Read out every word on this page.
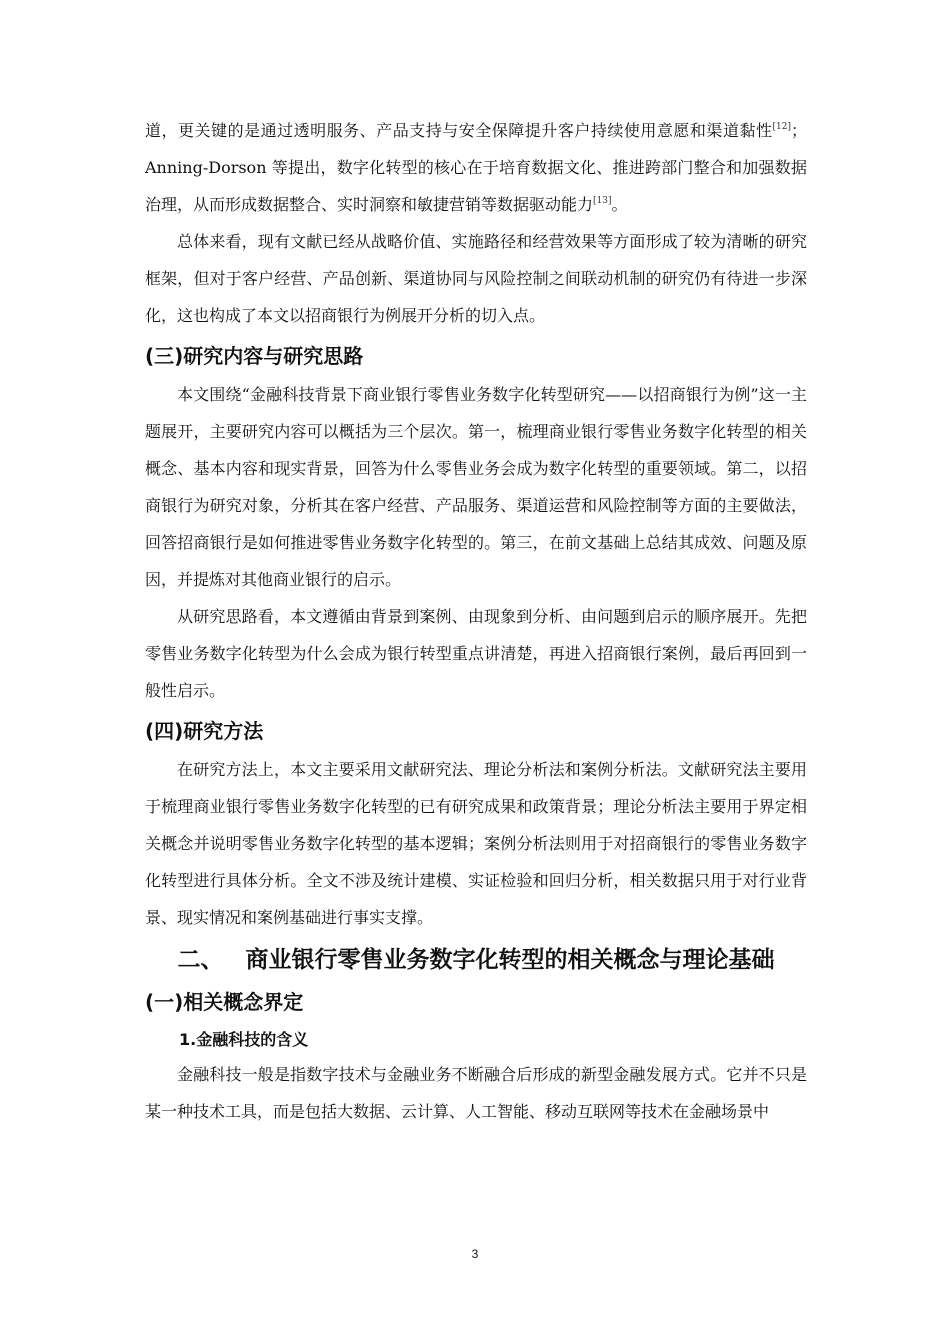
道，更关键的是通过透明服务、产品支持与安全保障提升客户持续使用意愿和渠道黏性[12]；Anning-Dorson 等提出，数字化转型的核心在于培育数据文化、推进跨部门整合和加强数据治理，从而形成数据整合、实时洞察和敏捷营销等数据驱动能力[13]。

总体来看，现有文献已经从战略价值、实施路径和经营效果等方面形成了较为清晰的研究框架，但对于客户经营、产品创新、渠道协同与风险控制之间联动机制的研究仍有待进一步深化，这也构成了本文以招商银行为例展开分析的切入点。

(三)研究内容与研究思路

本文围绕“金融科技背景下商业银行零售业务数字化转型研究——以招商银行为例”这一主题展开，主要研究内容可以概括为三个层次。第一，梳理商业银行零售业务数字化转型的相关概念、基本内容和现实背景，回答为什么零售业务会成为数字化转型的重要领域。第二，以招商银行为研究对象，分析其在客户经营、产品服务、渠道运营和风险控制等方面的主要做法，回答招商银行是如何推进零售业务数字化转型的。第三，在前文基础上总结其成效、问题及原因，并提炼对其他商业银行的启示。

从研究思路看，本文遵循由背景到案例、由现象到分析、由问题到启示的顺序展开。先把零售业务数字化转型为什么会成为银行转型重点讲清楚，再进入招商银行案例，最后再回到一般性启示。

(四)研究方法

在研究方法上，本文主要采用文献研究法、理论分析法和案例分析法。文献研究法主要用于梳理商业银行零售业务数字化转型的已有研究成果和政策背景；理论分析法主要用于界定相关概念并说明零售业务数字化转型的基本逻辑；案例分析法则用于对招商银行的零售业务数字化转型进行具体分析。全文不涉及统计建模、实证检验和回归分析，相关数据只用于对行业背景、现实情况和案例基础进行事实支撑。

二、 商业银行零售业务数字化转型的相关概念与理论基础
(一)相关概念界定
1.金融科技的含义

金融科技一般是指数字技术与金融业务不断融合后形成的新型金融发展方式。它并不只是某一种技术工具，而是包括大数据、云计算、人工智能、移动互联网等技术在金融场景中

3
